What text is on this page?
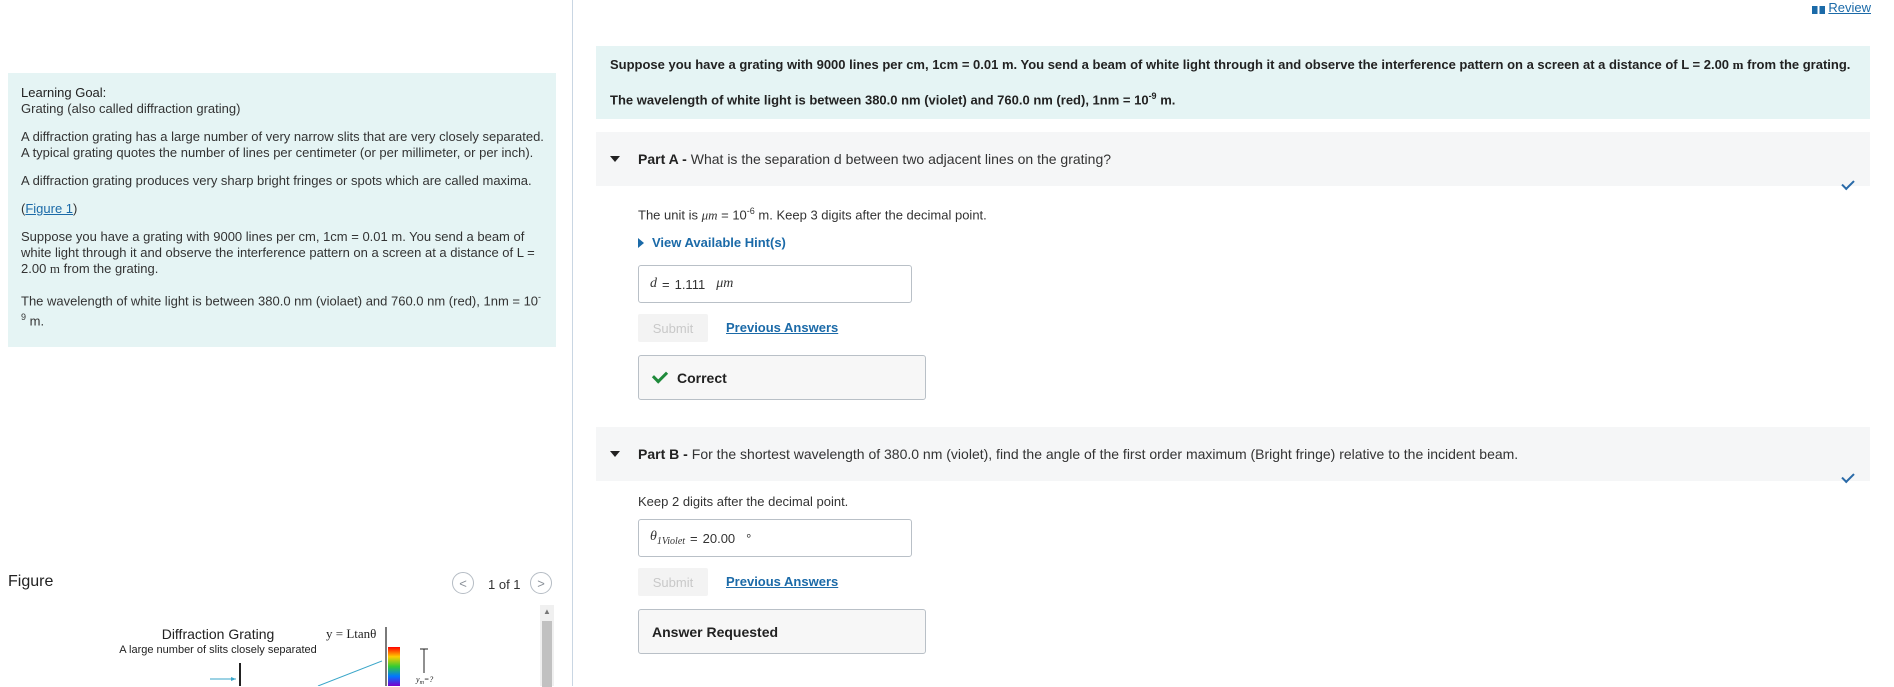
Learning Goal:
Grating (also called diffraction grating)

A diffraction grating has a large number of very narrow slits that are very closely separated. A typical grating quotes the number of lines per centimeter (or per millimeter, or per inch).

A diffraction grating produces very sharp bright fringes or spots which are called maxima.

(Figure 1)

Suppose you have a grating with 9000 lines per cm, 1cm = 0.01 m. You send a beam of white light through it and observe the interference pattern on a screen at a distance of L = 2.00 m from the grating.

The wavelength of white light is between 380.0 nm (violaet) and 760.0 nm (red), $1nm = 10^{-9}$ m.

Figure	< 1 of 1 >
Diffraction Grating
A large number of slits closely separated
y = Ltanθ
$y_m=$?
▲
Review

Suppose you have a grating with 9000 lines per cm, 1cm = 0.01 m. You send a beam of white light through it and observe the interference pattern on a screen at a distance of L = 2.00 m from the grating.

The wavelength of white light is between 380.0 nm (violet) and 760.0 nm (red), $1nm = 10^{-9}$ m.

Part A - What is the separation d between two adjacent lines on the grating?
The unit is $\mu m = 10^{-6}$ m. Keep 3 digits after the decimal point.
View Available Hint(s)
d = 1.111 μm
Submit	Previous Answers
Correct
Part B - For the shortest wavelength of 380.0 nm (violet), find the angle of the first order maximum (Bright fringe) relative to the incident beam.
Keep 2 digits after the decimal point.
$\theta_{1Violet} = 20.00$ °
Submit	Previous Answers
Answer Requested
